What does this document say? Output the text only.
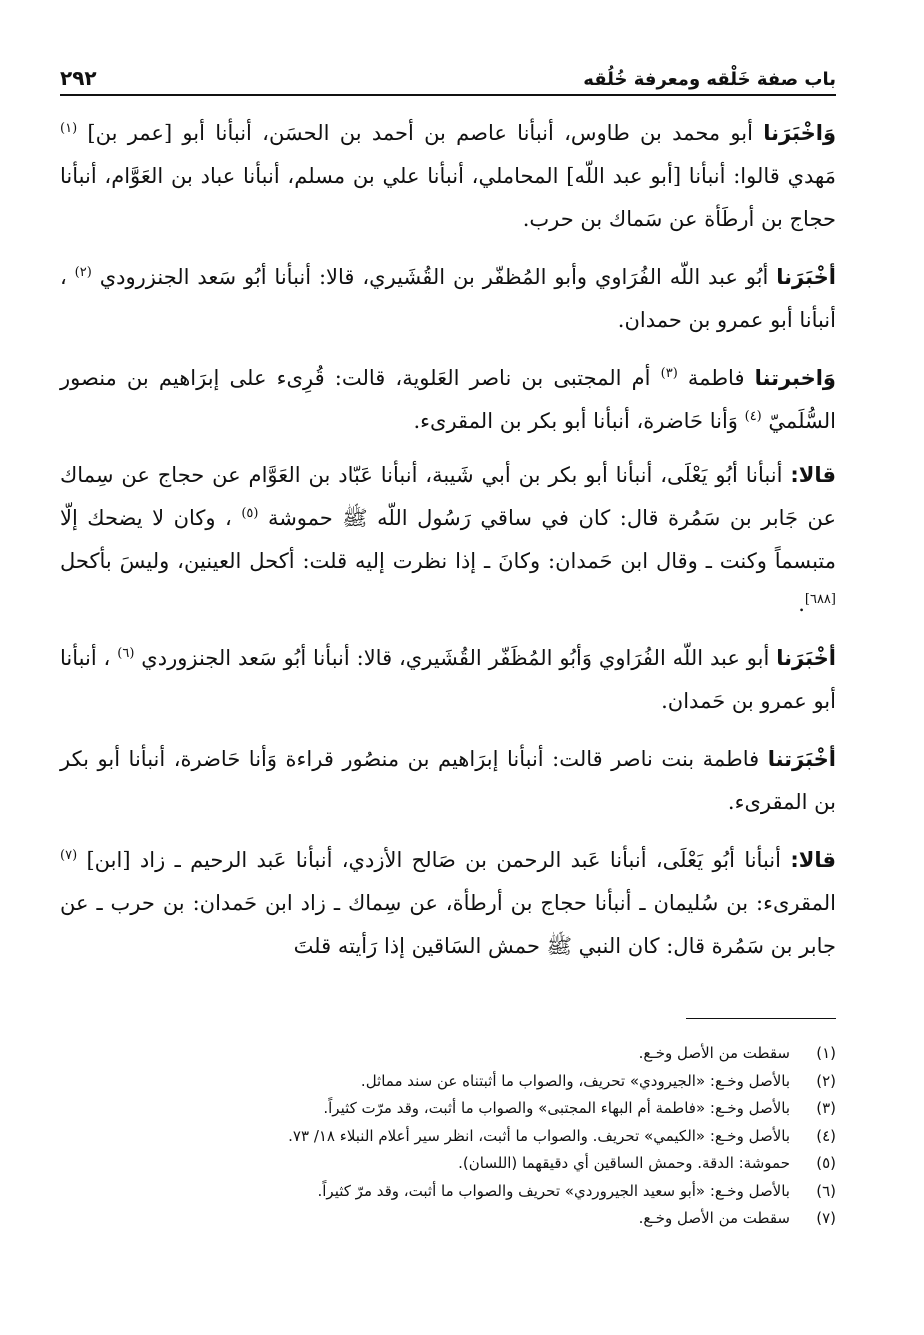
باب صفة خَلْقه ومعرفة خُلُقه
٢٩٢

وَاخْبَرَنا أبو محمد بن طاوس، أنبأنا عاصم بن أحمد بن الحسَن، أنبأنا أبو [عمر بن] $^{(١)}$ مَهدي قالوا: أنبأنا [أبو عبد اللّه] المحاملي، أنبأنا علي بن مسلم، أنبأنا عباد بن العَوَّام، أنبأنا حجاج بن أرطَأة عن سَماك بن حرب.

أخْبَرَنا أبُو عبد اللّه الفُرَاوي وأبو المُظفّر بن القُشَيري، قالا: أنبأنا أبُو سَعد الجنزرودي $^{(٢)}$ ، أنبأنا أبو عمرو بن حمدان.

وَاخبرتنا فاطمة $^{(٣)}$ أم المجتبى بن ناصر العَلوية، قالت: قُرِىء على إبرَاهيم بن منصور السُّلَميّ $^{(٤)}$ وَأنا حَاضرة، أنبأنا أبو بكر بن المقرىء.

قالا: أنبأنا أبُو يَعْلَى، أنبأنا أبو بكر بن أبي شَيبة، أنبأنا عَبّاد بن العَوَّام عن حجاج عن سِماك عن جَابر بن سَمُرة قال: كان في ساقي رَسُول اللّه ﷺ حموشة $^{(٥)}$ ، وكان لا يضحك إلّا متبسماً وكنت ـ وقال ابن حَمدان: وكانَ ـ إذا نظرت إليه قلت: أكحل العينين، وليسَ بأكحل [٦٨٨].

أخْبَرَنا أبو عبد اللّه الفُرَاوي وَأبُو المُظَفّر القُشَيري، قالا: أنبأنا أبُو سَعد الجنزوردي $^{(٦)}$ ، أنبأنا أبو عمرو بن حَمدان.

أخْبَرَتنا فاطمة بنت ناصر قالت: أنبأنا إبرَاهيم بن منصُور قراءة وَأنا حَاضرة، أنبأنا أبو بكر بن المقرىء.

قالا: أنبأنا أبُو يَعْلَى، أنبأنا عَبد الرحمن بن صَالح الأزدي، أنبأنا عَبد الرحيم ـ زاد [ابن] $^{(٧)}$ المقرىء: بن سُليمان ـ أنبأنا حجاج بن أرطأة، عن سِماك ـ زاد ابن حَمدان: بن حرب ـ عن جابر بن سَمُرة قال: كان النبي ﷺ حمش السَاقين إذا رَأيته قلتَ

(١)
سقطت من الأصل وخـع.
(٢)
بالأصل وخـع: «الجيرودي» تحريف، والصواب ما أثبتناه عن سند مماثل.
(٣)
بالأصل وخـع: «فاطمة أم البهاء المجتبى» والصواب ما أثبت، وقد مرّت كثيراً.
(٤)
بالأصل وخـع: «الكيمي» تحريف. والصواب ما أثبت، انظر سير أعلام النبلاء ١٨/ ٧٣.
(٥)
حموشة: الدقة. وحمش الساقين أي دقيقهما (اللسان).
(٦)
بالأصل وخـع: «أبو سعيد الجيروردي» تحريف والصواب ما أثبت، وقد مرّ كثيراً.
(٧)
سقطت من الأصل وخـع.
